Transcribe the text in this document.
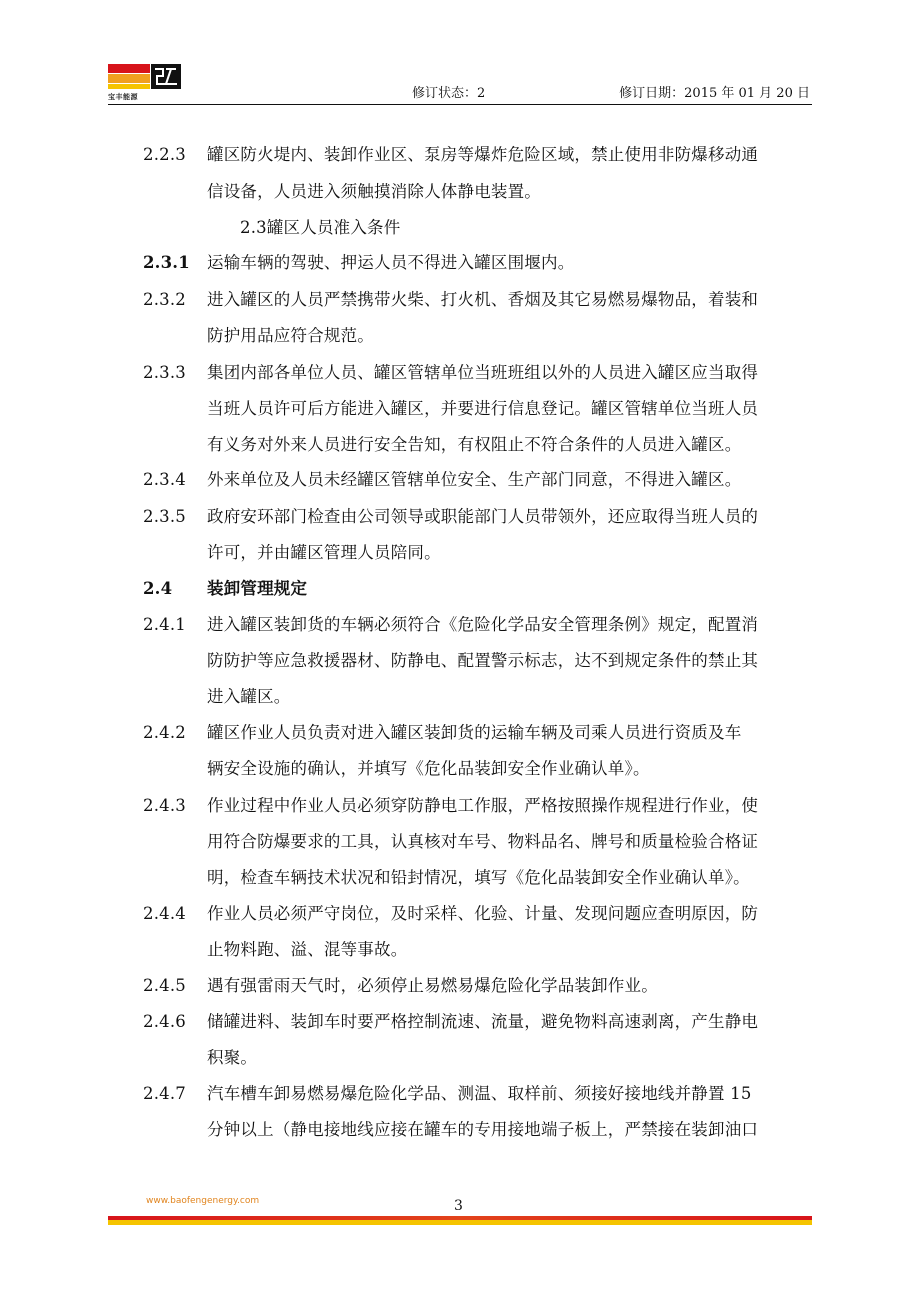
宝丰能源	修订状态：2	修订日期：2015 年 01 月 20 日
2.2.3 罐区防火堤内、装卸作业区、泵房等爆炸危险区域，禁止使用非防爆移动通
信设备，人员进入须触摸消除人体静电装置。
2.3罐区人员准入条件
2.3.1 运输车辆的驾驶、押运人员不得进入罐区围堰内。
2.3.2 进入罐区的人员严禁携带火柴、打火机、香烟及其它易燃易爆物品，着装和
防护用品应符合规范。
2.3.3 集团内部各单位人员、罐区管辖单位当班班组以外的人员进入罐区应当取得
当班人员许可后方能进入罐区，并要进行信息登记。罐区管辖单位当班人员
有义务对外来人员进行安全告知，有权阻止不符合条件的人员进入罐区。
2.3.4 外来单位及人员未经罐区管辖单位安全、生产部门同意，不得进入罐区。
2.3.5 政府安环部门检查由公司领导或职能部门人员带领外，还应取得当班人员的
许可，并由罐区管理人员陪同。
2.4 装卸管理规定
2.4.1 进入罐区装卸货的车辆必须符合《危险化学品安全管理条例》规定，配置消
防防护等应急救援器材、防静电、配置警示标志，达不到规定条件的禁止其
进入罐区。
2.4.2 罐区作业人员负责对进入罐区装卸货的运输车辆及司乘人员进行资质及车
辆安全设施的确认，并填写《危化品装卸安全作业确认单》。
2.4.3 作业过程中作业人员必须穿防静电工作服，严格按照操作规程进行作业，使
用符合防爆要求的工具，认真核对车号、物料品名、牌号和质量检验合格证
明，检查车辆技术状况和铅封情况，填写《危化品装卸安全作业确认单》。
2.4.4 作业人员必须严守岗位，及时采样、化验、计量、发现问题应查明原因，防
止物料跑、溢、混等事故。
2.4.5 遇有强雷雨天气时，必须停止易燃易爆危险化学品装卸作业。
2.4.6 储罐进料、装卸车时要严格控制流速、流量，避免物料高速剥离，产生静电
积聚。
2.4.7 汽车槽车卸易燃易爆危险化学品、测温、取样前、须接好接地线并静置 15
分钟以上（静电接地线应接在罐车的专用接地端子板上，严禁接在装卸油口
www.baofengenergy.com	3
